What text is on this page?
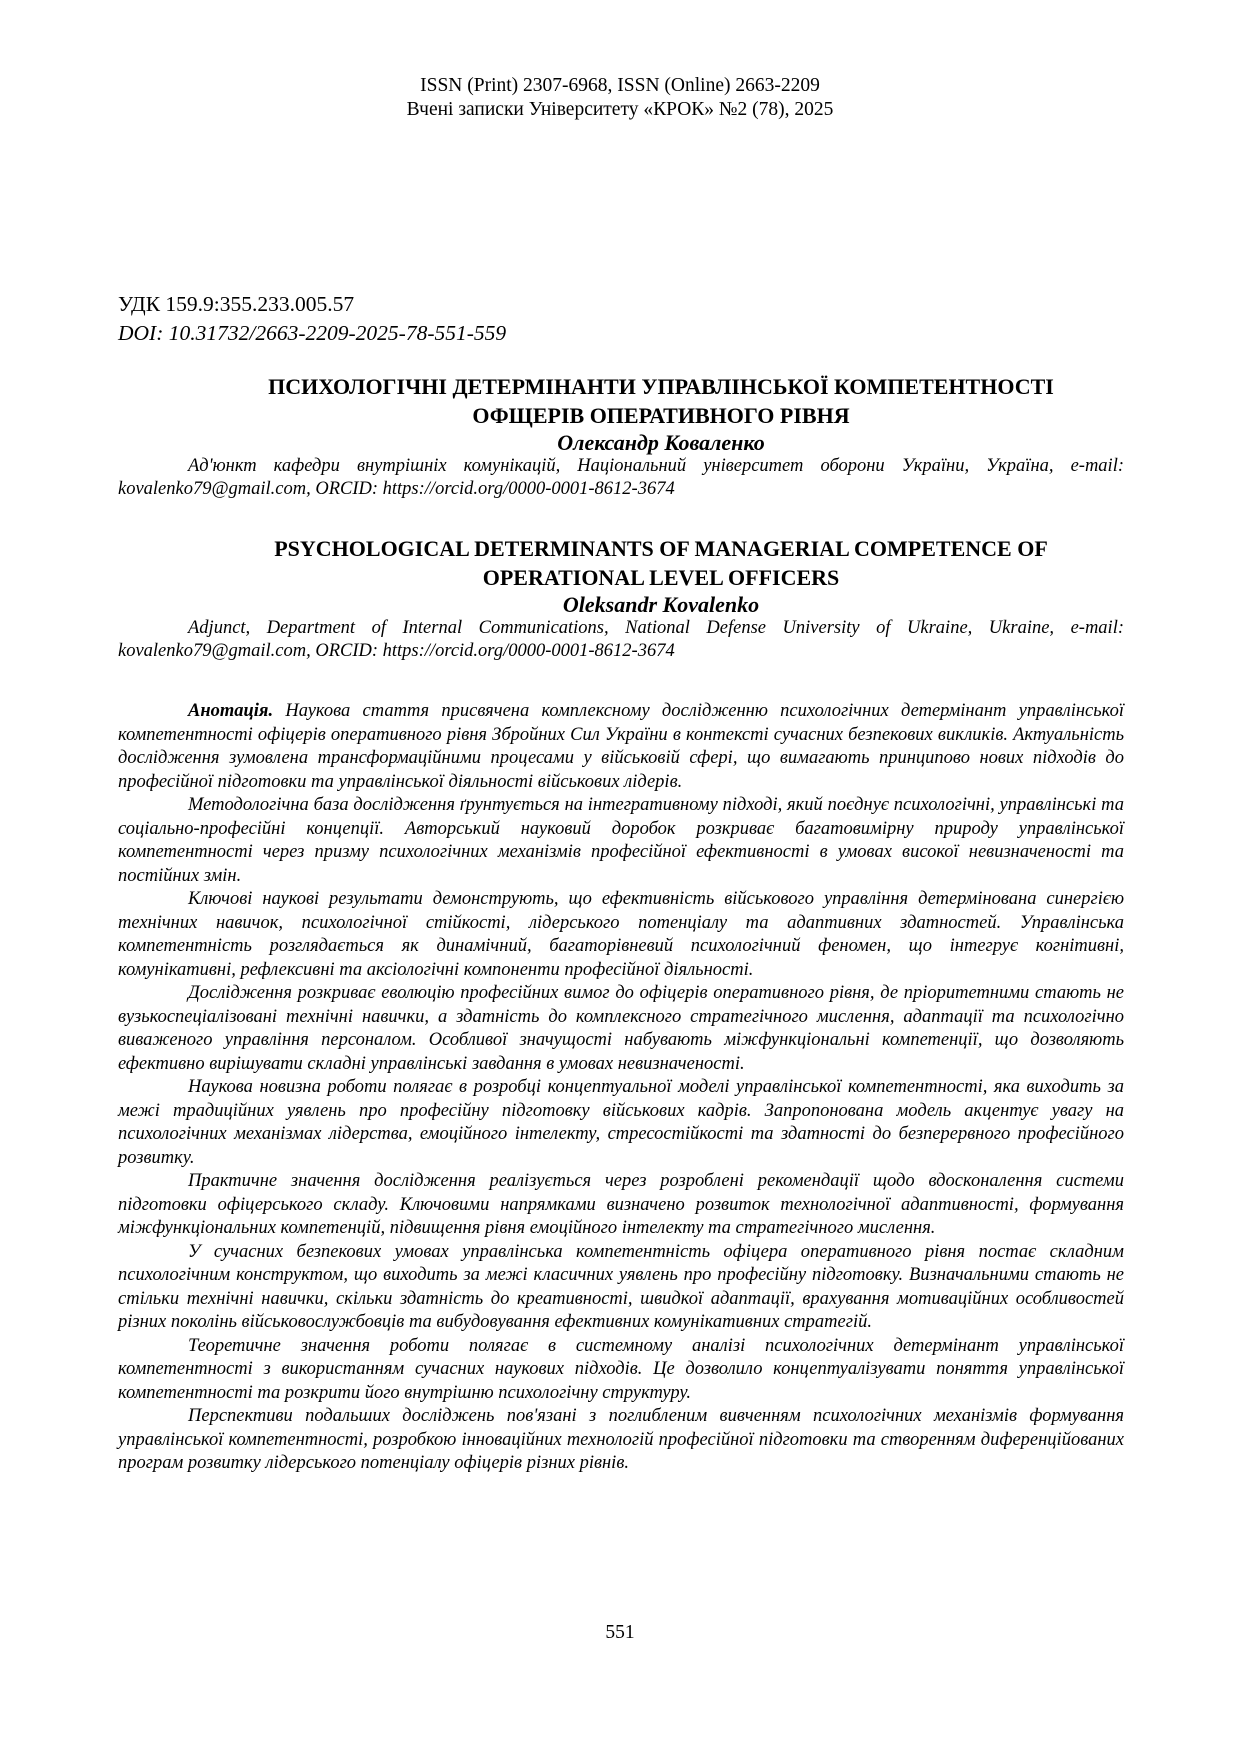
ISSN (Print) 2307-6968, ISSN (Online) 2663-2209
Вчені записки Університету «КРОК» №2 (78), 2025
УДК 159.9:355.233.005.57
DOI: 10.31732/2663-2209-2025-78-551-559
ПСИХОЛОГІЧНІ ДЕТЕРМІНАНТИ УПРАВЛІНСЬКОЇ КОМПЕТЕНТНОСТІ
ОФЩЕРІВ ОПЕРАТИВНОГО РІВНЯ
Олександр Коваленко
Ад'юнкт кафедри внутрішніх комунікацій, Національний університет оборони України, Україна, e-mail: kovalenko79@gmail.com, ORCID: https://orcid.org/0000-0001-8612-3674
PSYCHOLOGICAL DETERMINANTS OF MANAGERIAL COMPETENCE OF
OPERATIONAL LEVEL OFFICERS
Oleksandr Kovalenko
Adjunct, Department of Internal Communications, National Defense University of Ukraine, Ukraine, e-mail: kovalenko79@gmail.com, ORCID: https://orcid.org/0000-0001-8612-3674

Анотація. Наукова стаття присвячена комплексному дослідженню психологічних детермінант управлінської компетентності офіцерів оперативного рівня Збройних Сил України в контексті сучасних безпекових викликів. Актуальність дослідження зумовлена трансформаційними процесами у військовій сфері, що вимагають принципово нових підходів до професійної підготовки та управлінської діяльності військових лідерів.

Методологічна база дослідження ґрунтується на інтегративному підході, який поєднує психологічні, управлінські та соціально-професійні концепції. Авторський науковий доробок розкриває багатовимірну природу управлінської компетентності через призму психологічних механізмів професійної ефективності в умовах високої невизначеності та постійних змін.

Ключові наукові результати демонструють, що ефективність військового управління детермінована синергією технічних навичок, психологічної стійкості, лідерського потенціалу та адаптивних здатностей. Управлінська компетентність розглядається як динамічний, багаторівневий психологічний феномен, що інтегрує когнітивні, комунікативні, рефлексивні та аксіологічні компоненти професійної діяльності.

Дослідження розкриває еволюцію професійних вимог до офіцерів оперативного рівня, де пріоритетними стають не вузькоспеціалізовані технічні навички, а здатність до комплексного стратегічного мислення, адаптації та психологічно виваженого управління персоналом. Особливої значущості набувають міжфункціональні компетенції, що дозволяють ефективно вирішувати складні управлінські завдання в умовах невизначеності.

Наукова новизна роботи полягає в розробці концептуальної моделі управлінської компетентності, яка виходить за межі традиційних уявлень про професійну підготовку військових кадрів. Запропонована модель акцентує увагу на психологічних механізмах лідерства, емоційного інтелекту, стресостійкості та здатності до безперервного професійного розвитку.

Практичне значення дослідження реалізується через розроблені рекомендації щодо вдосконалення системи підготовки офіцерського складу. Ключовими напрямками визначено розвиток технологічної адаптивності, формування міжфункціональних компетенцій, підвищення рівня емоційного інтелекту та стратегічного мислення.

У сучасних безпекових умовах управлінська компетентність офіцера оперативного рівня постає складним психологічним конструктом, що виходить за межі класичних уявлень про професійну підготовку. Визначальними стають не стільки технічні навички, скільки здатність до креативності, швидкої адаптації, врахування мотиваційних особливостей різних поколінь військовослужбовців та вибудовування ефективних комунікативних стратегій.

Теоретичне значення роботи полягає в системному аналізі психологічних детермінант управлінської компетентності з використанням сучасних наукових підходів. Це дозволило концептуалізувати поняття управлінської компетентності та розкрити його внутрішню психологічну структуру.

Перспективи подальших досліджень пов'язані з поглибленим вивченням психологічних механізмів формування управлінської компетентності, розробкою інноваційних технологій професійної підготовки та створенням диференційованих програм розвитку лідерського потенціалу офіцерів різних рівнів.

551
